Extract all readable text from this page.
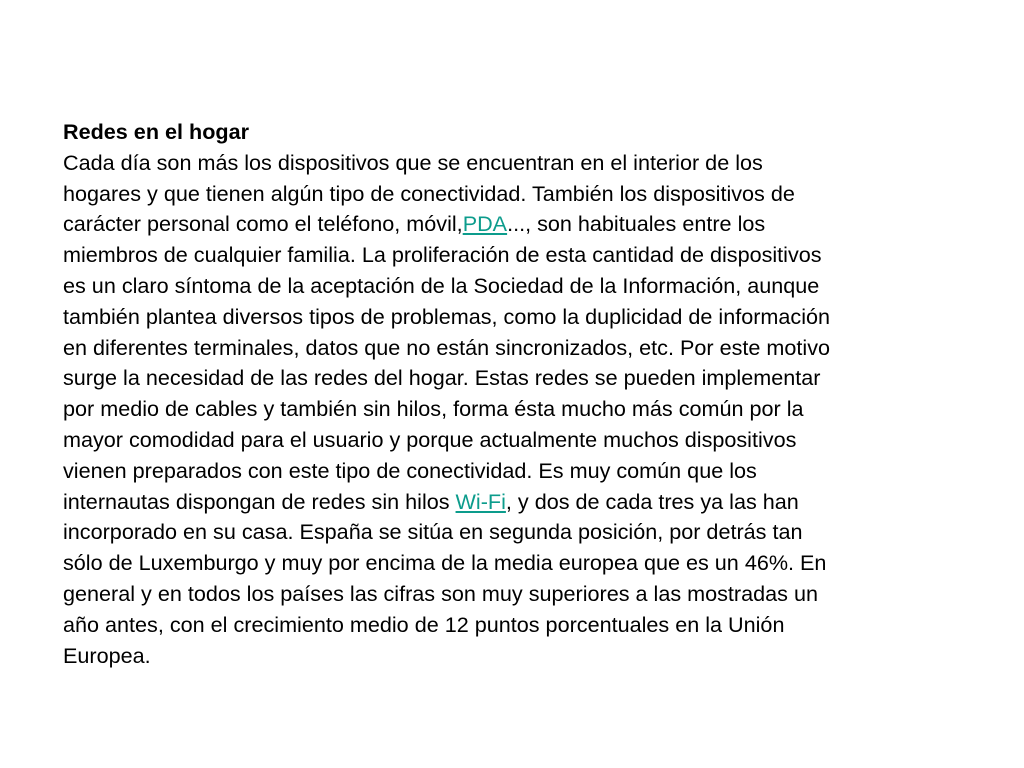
Redes en el hogar
Cada día son más los dispositivos que se encuentran en el interior de los
hogares y que tienen algún tipo de conectividad. También los dispositivos de
carácter personal como el teléfono, móvil,PDA..., son habituales entre los
miembros de cualquier familia. La proliferación de esta cantidad de dispositivos
es un claro síntoma de la aceptación de la Sociedad de la Información, aunque
también plantea diversos tipos de problemas, como la duplicidad de información
en diferentes terminales, datos que no están sincronizados, etc. Por este motivo
surge la necesidad de las redes del hogar. Estas redes se pueden implementar
por medio de cables y también sin hilos, forma ésta mucho más común por la
mayor comodidad para el usuario y porque actualmente muchos dispositivos
vienen preparados con este tipo de conectividad. Es muy común que los
internautas dispongan de redes sin hilos Wi-Fi, y dos de cada tres ya las han
incorporado en su casa. España se sitúa en segunda posición, por detrás tan
sólo de Luxemburgo y muy por encima de la media europea que es un 46%. En
general y en todos los países las cifras son muy superiores a las mostradas un
año antes, con el crecimiento medio de 12 puntos porcentuales en la Unión
Europea.
